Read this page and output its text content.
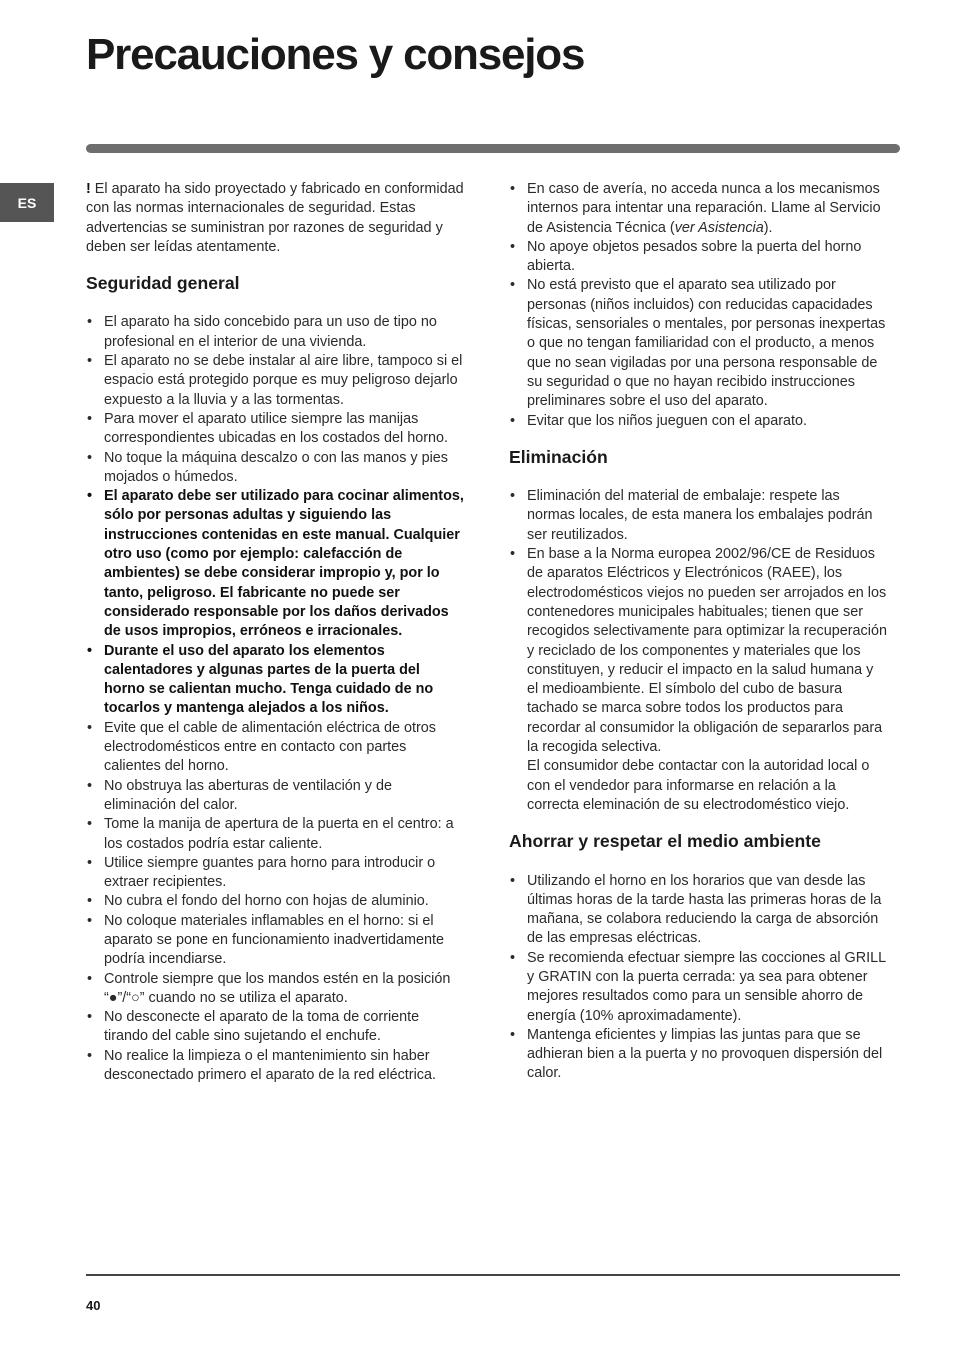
Precauciones y consejos
ES

! El aparato ha sido proyectado y fabricado en conformidad con las normas internacionales de seguridad. Estas advertencias se suministran por razones de seguridad y deben ser leídas atentamente.

Seguridad general
• El aparato ha sido concebido para un uso de tipo no profesional en el interior de una vivienda.
• El aparato no se debe instalar al aire libre, tampoco si el espacio está protegido porque es muy peligroso dejarlo expuesto a la lluvia y a las tormentas.
• Para mover el aparato utilice siempre las manijas correspondientes ubicadas en los costados del horno.
• No toque la máquina descalzo o con las manos y pies mojados o húmedos.
• El aparato debe ser utilizado para cocinar alimentos, sólo por personas adultas y siguiendo las instrucciones contenidas en este manual. Cualquier otro uso (como por ejemplo: calefacción de ambientes) se debe considerar impropio y, por lo tanto, peligroso. El fabricante no puede ser considerado responsable por los daños derivados de usos impropios, erróneos e irracionales.
• Durante el uso del aparato los elementos calentadores y algunas partes de la puerta del horno se calientan mucho. Tenga cuidado de no tocarlos y mantenga alejados a los niños.
• Evite que el cable de alimentación eléctrica de otros electrodomésticos entre en contacto con partes calientes del horno.
• No obstruya las aberturas de ventilación y de eliminación del calor.
• Tome la manija de apertura de la puerta en el centro: a los costados podría estar caliente.
• Utilice siempre guantes para horno para introducir o extraer recipientes.
• No cubra el fondo del horno con hojas de aluminio.
• No coloque materiales inflamables en el horno: si el aparato se pone en funcionamiento inadvertidamente podría incendiarse.
• Controle siempre que los mandos estén en la posición “●”/“○” cuando no se utiliza el aparato.
• No desconecte el aparato de la toma de corriente tirando del cable sino sujetando el enchufe.
• No realice la limpieza o el mantenimiento sin haber desconectado primero el aparato de la red eléctrica.
• En caso de avería, no acceda nunca a los mecanismos internos para intentar una reparación. Llame al Servicio de Asistencia Técnica (ver Asistencia).
• No apoye objetos pesados sobre la puerta del horno abierta.
• No está previsto que el aparato sea utilizado por personas (niños incluidos) con reducidas capacidades físicas, sensoriales o mentales, por personas inexpertas o que no tengan familiaridad con el producto, a menos que no sean vigiladas por una persona responsable de su seguridad o que no hayan recibido instrucciones preliminares sobre el uso del aparato.
• Evitar que los niños jueguen con el aparato.
Eliminación
• Eliminación del material de embalaje: respete las normas locales, de esta manera los embalajes podrán ser reutilizados.
• En base a la Norma europea 2002/96/CE de Residuos de aparatos Eléctricos y Electrónicos (RAEE), los electrodomésticos viejos no pueden ser arrojados en los contenedores municipales habituales; tienen que ser recogidos selectivamente para optimizar la recuperación y reciclado de los componentes y materiales que los constituyen, y reducir el impacto en la salud humana y el medioambiente. El símbolo del cubo de basura tachado se marca sobre todos los productos para recordar al consumidor la obligación de separarlos para la recogida selectiva.
El consumidor debe contactar con la autoridad local o con el vendedor para informarse en relación a la correcta eleminación de su electrodoméstico viejo.
Ahorrar y respetar el medio ambiente
• Utilizando el horno en los horarios que van desde las últimas horas de la tarde hasta las primeras horas de la mañana, se colabora reduciendo la carga de absorción de las empresas eléctricas.
• Se recomienda efectuar siempre las cocciones al GRILL y GRATIN con la puerta cerrada: ya sea para obtener mejores resultados como para un sensible ahorro de energía (10% aproximadamente).
• Mantenga eficientes y limpias las juntas para que se adhieran bien a la puerta y no provoquen dispersión del calor.
40
